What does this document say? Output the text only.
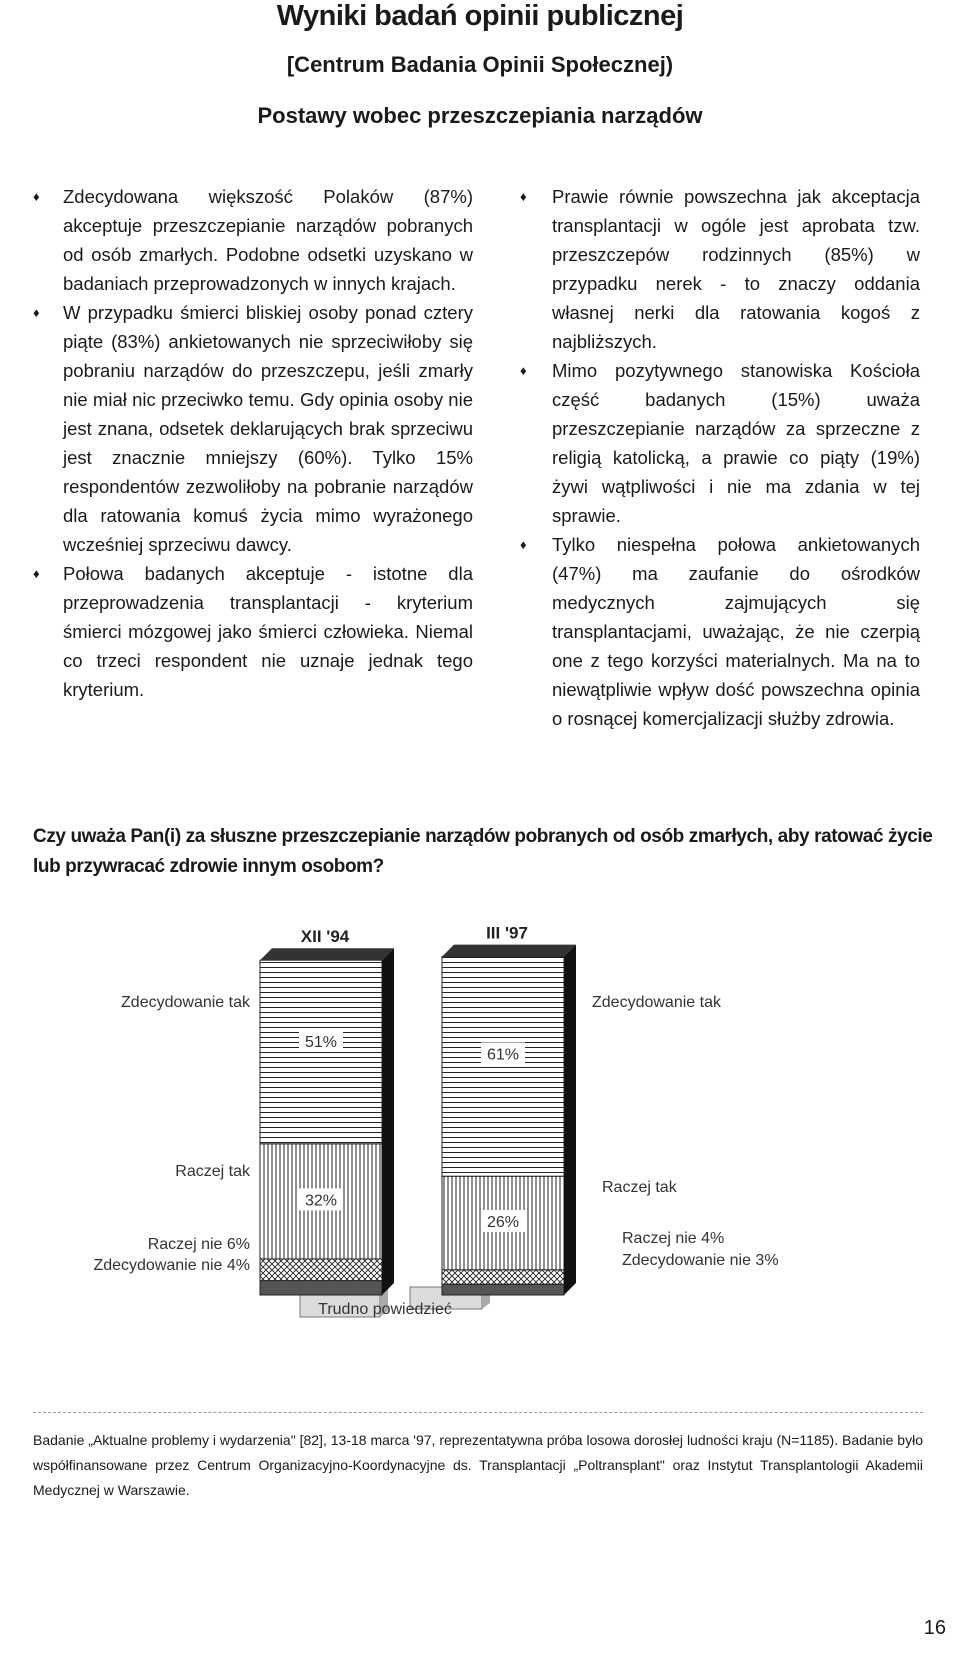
Wyniki badań opinii publicznej
[Centrum Badania Opinii Społecznej)
Postawy wobec przeszczepiania narządów
♦ Zdecydowana większość Polaków (87%) akceptuje przeszczepianie narządów pobranych od osób zmarłych. Podobne odsetki uzyskano w badaniach przeprowadzonych w innych krajach.
♦ W przypadku śmierci bliskiej osoby ponad cztery piąte (83%) ankietowanych nie sprzeciwiłoby się pobraniu narządów do przeszczepu, jeśli zmarły nie miał nic przeciwko temu. Gdy opinia osoby nie jest znana, odsetek deklarujących brak sprzeciwu jest znacznie mniejszy (60%). Tylko 15% respondentów zezwoliłoby na pobranie narządów dla ratowania komuś życia mimo wyrażonego wcześniej sprzeciwu dawcy.
♦ Połowa badanych akceptuje - istotne dla przeprowadzenia transplantacji - kryterium śmierci mózgowej jako śmierci człowieka. Niemal co trzeci respondent nie uznaje jednak tego kryterium.
♦ Prawie równie powszechna jak akceptacja transplantacji w ogóle jest aprobata tzw. przeszczepów rodzinnych (85%) w przypadku nerek - to znaczy oddania własnej nerki dla ratowania kogoś z najbliższych.
♦ Mimo pozytywnego stanowiska Kościoła część badanych (15%) uważa przeszczepianie narządów za sprzeczne z religią katolicką, a prawie co piąty (19%) żywi wątpliwości i nie ma zdania w tej sprawie.
♦ Tylko niespełna połowa ankietowanych (47%) ma zaufanie do ośrodków medycznych zajmujących się transplantacjami, uważając, że nie czerpią one z tego korzyści materialnych. Ma na to niewątpliwie wpływ dość powszechna opinia o rosnącej komercjalizacji służby zdrowia.
Czy uważa Pan(i) za słuszne przeszczepianie narządów pobranych od osób zmarłych, aby ratować życie lub przywracać zdrowie innym osobom?
XII '94
51%
32%
III '97
61%
26%
Zdecydowanie tak
Raczej tak
Raczej nie 6%
Zdecydowanie nie 4%
Zdecydowanie tak
Raczej tak
Raczej nie 4%
Zdecydowanie nie 3%
Trudno powiedzieć
Badanie „Aktualne problemy i wydarzenia" [82], 13-18 marca '97, reprezentatywna próba losowa dorosłej ludności kraju (N=1185). Badanie było współfinansowane przez Centrum Organizacyjno-Koordynacyjne ds. Transplantacji „Poltransplant" oraz Instytut Transplantologii Akademii Medycznej w Warszawie.
16
